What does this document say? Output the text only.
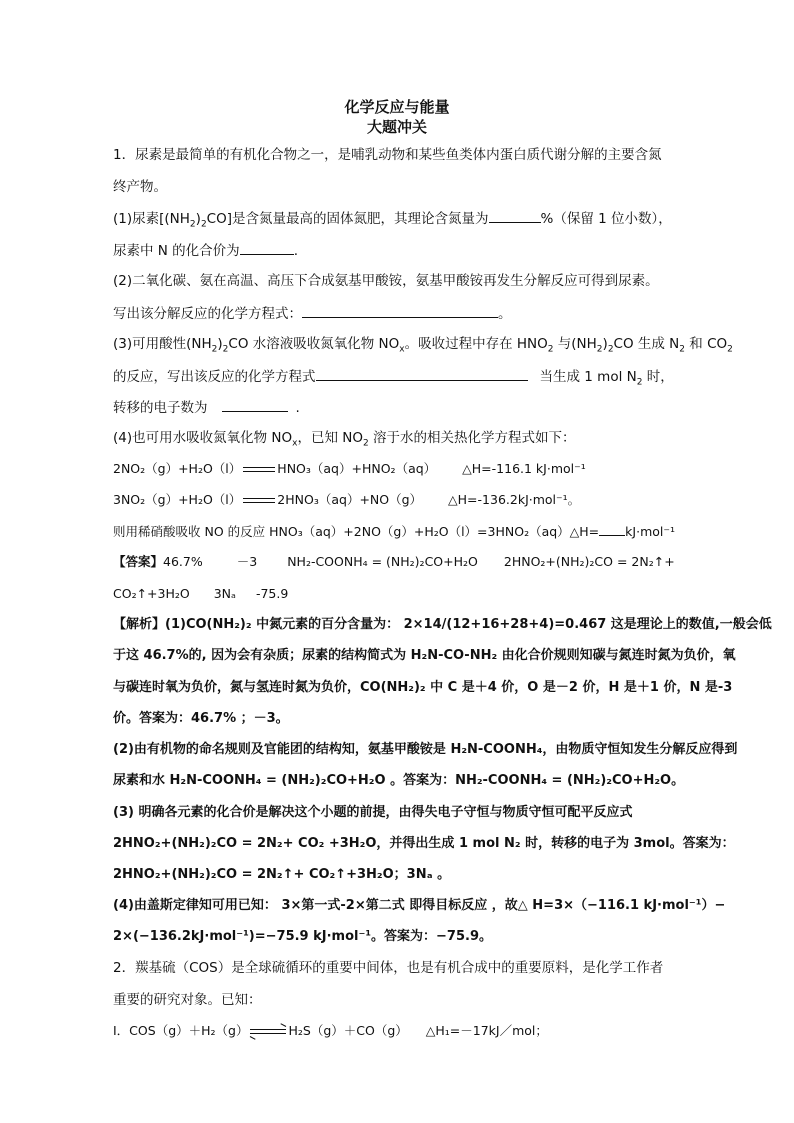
化学反应与能量
大题冲关
1．尿素是最简单的有机化合物之一，是哺乳动物和某些鱼类体内蛋白质代谢分解的主要含氮
终产物。
(1)尿素$[(NH_2)_2CO]$是含氮量最高的固体氮肥，其理论含氮量为	%（保留 1 位小数），
尿素中 N 的化合价为	.
(2)二氧化碳、氨在高温、高压下合成氨基甲酸铵，氨基甲酸铵再发生分解反应可得到尿素。
写出该分解反应的化学方程式：	。
(3)可用酸性$(NH_2)_2CO$ 水溶液吸收氮氧化物 $NO_x$。吸收过程中存在 $HNO_2$ 与$(NH_2)_2CO$ 生成 $N_2$ 和 $CO_2$
的反应，写出该反应的化学方程式	当生成 1 mol $N_2$ 时，
转移的电子数为	.
(4)也可用水吸收氮氧化物 $NO_x$，已知 $NO_2$ 溶于水的相关热化学方程式如下：
2NO₂（g）+H₂O（l）	HNO₃（aq）+HNO₂（aq） △H=-116.1 kJ·mol⁻¹
3NO₂（g）+H₂O（l）	2HNO₃（aq）+NO（g） △H=-136.2kJ·mol⁻¹。
则用稀硝酸吸收 NO 的反应 HNO₃（aq）+2NO（g）+H₂O（l）=3HNO₂（aq）△H= kJ·mol⁻¹
【答案】46.7%	－3 NH₂-COONH₄ = (NH₂)₂CO+H₂O 2HNO₂+(NH₂)₂CO = 2N₂↑+
CO₂↑+3H₂O 3Nₐ -75.9
【解析】(1)CO(NH₂)₂ 中氮元素的百分含量为： 2×14/(12+16+28+4)=0.467 这是理论上的数值,一般会低
于这 46.7%的, 因为会有杂质；尿素的结构简式为 H₂N-CO-NH₂ 由化合价规则知碳与氮连时氮为负价，氧
与碳连时氧为负价，氮与氢连时氮为负价，CO(NH₂)₂ 中 C 是＋4 价，O 是－2 价，H 是＋1 价，N 是-3
价。答案为：46.7% ；－3。
(2)由有机物的命名规则及官能团的结构知，氨基甲酸铵是 H₂N-COONH₄，由物质守恒知发生分解反应得到
尿素和水 H₂N-COONH₄ = (NH₂)₂CO+H₂O 。答案为：NH₂-COONH₄ = (NH₂)₂CO+H₂O。
(3) 明确各元素的化合价是解决这个小题的前提，由得失电子守恒与物质守恒可配平反应式
2HNO₂+(NH₂)₂CO = 2N₂+ CO₂ +3H₂O，并得出生成 1 mol N₂ 时，转移的电子为 3mol。答案为：
2HNO₂+(NH₂)₂CO = 2N₂↑+ CO₂↑+3H₂O；3Nₐ 。
(4)由盖斯定律知可用已知： 3×第一式-2×第二式 即得目标反应 ，故△ H=3×（−116.1 kJ·mol⁻¹）−
2×(−136.2kJ·mol⁻¹)=−75.9 kJ·mol⁻¹。答案为：−75.9。
2．羰基硫（COS）是全球硫循环的重要中间体，也是有机合成中的重要原料，是化学工作者
重要的研究对象。已知：
Ⅰ．COS（g）＋H₂（g）	H₂S（g）＋CO（g） △H₁=－17kJ／mol；
